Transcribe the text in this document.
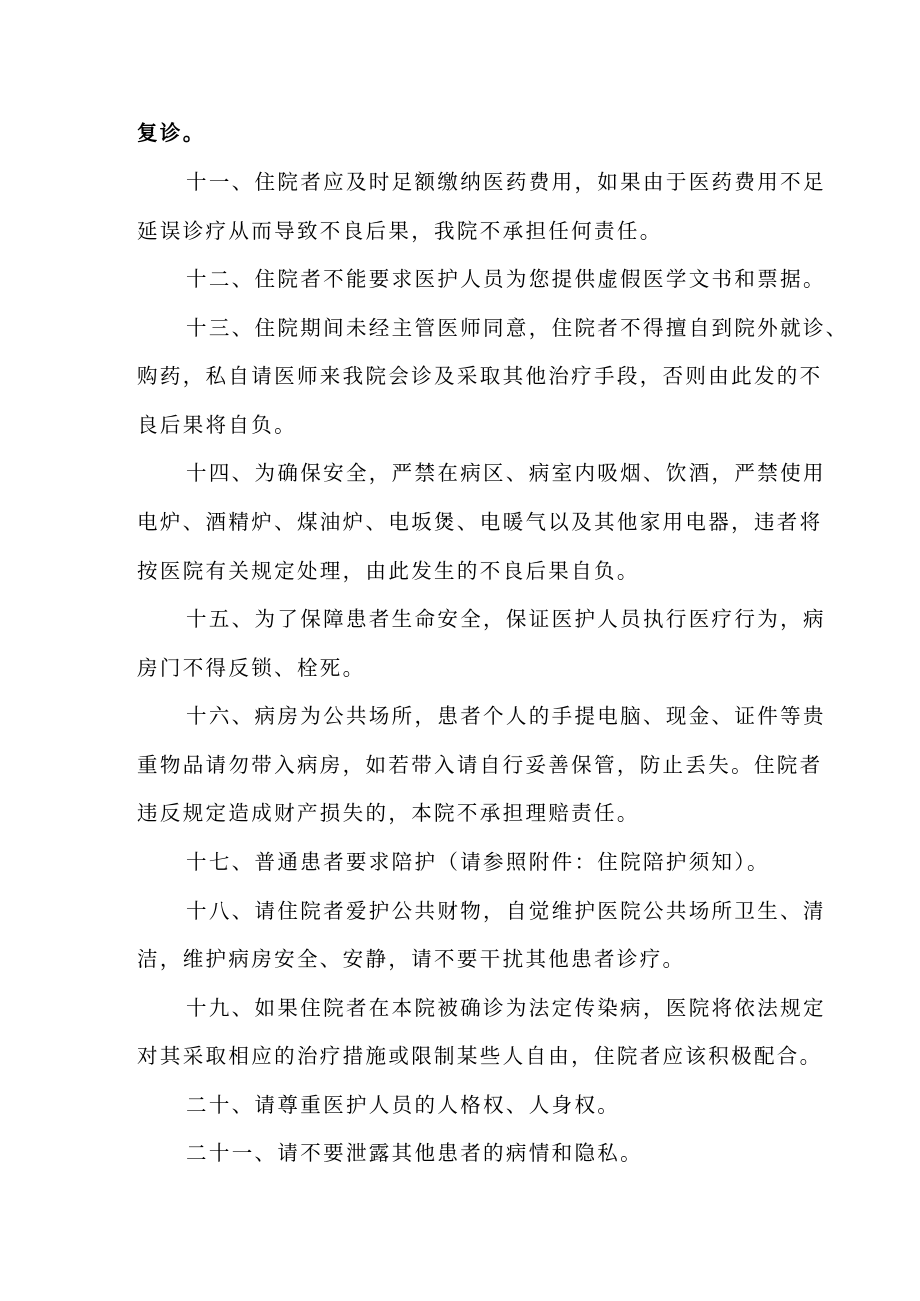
复诊。

十一、住院者应及时足额缴纳医药费用，如果由于医药费用不足

延误诊疗从而导致不良后果，我院不承担任何责任。

十二、住院者不能要求医护人员为您提供虚假医学文书和票据。

十三、住院期间未经主管医师同意，住院者不得擅自到院外就诊、

购药，私自请医师来我院会诊及采取其他治疗手段，否则由此发的不

良后果将自负。

十四、为确保安全，严禁在病区、病室内吸烟、饮酒，严禁使用

电炉、酒精炉、煤油炉、电坂煲、电暖气以及其他家用电器，违者将

按医院有关规定处理，由此发生的不良后果自负。

十五、为了保障患者生命安全，保证医护人员执行医疗行为，病

房门不得反锁、栓死。

十六、病房为公共场所，患者个人的手提电脑、现金、证件等贵

重物品请勿带入病房，如若带入请自行妥善保管，防止丢失。住院者

违反规定造成财产损失的，本院不承担理赔责任。

十七、普通患者要求陪护（请参照附件：住院陪护须知）。

十八、请住院者爱护公共财物，自觉维护医院公共场所卫生、清

洁，维护病房安全、安静，请不要干扰其他患者诊疗。

十九、如果住院者在本院被确诊为法定传染病，医院将依法规定

对其采取相应的治疗措施或限制某些人自由，住院者应该积极配合。

二十、请尊重医护人员的人格权、人身权。

二十一、请不要泄露其他患者的病情和隐私。
